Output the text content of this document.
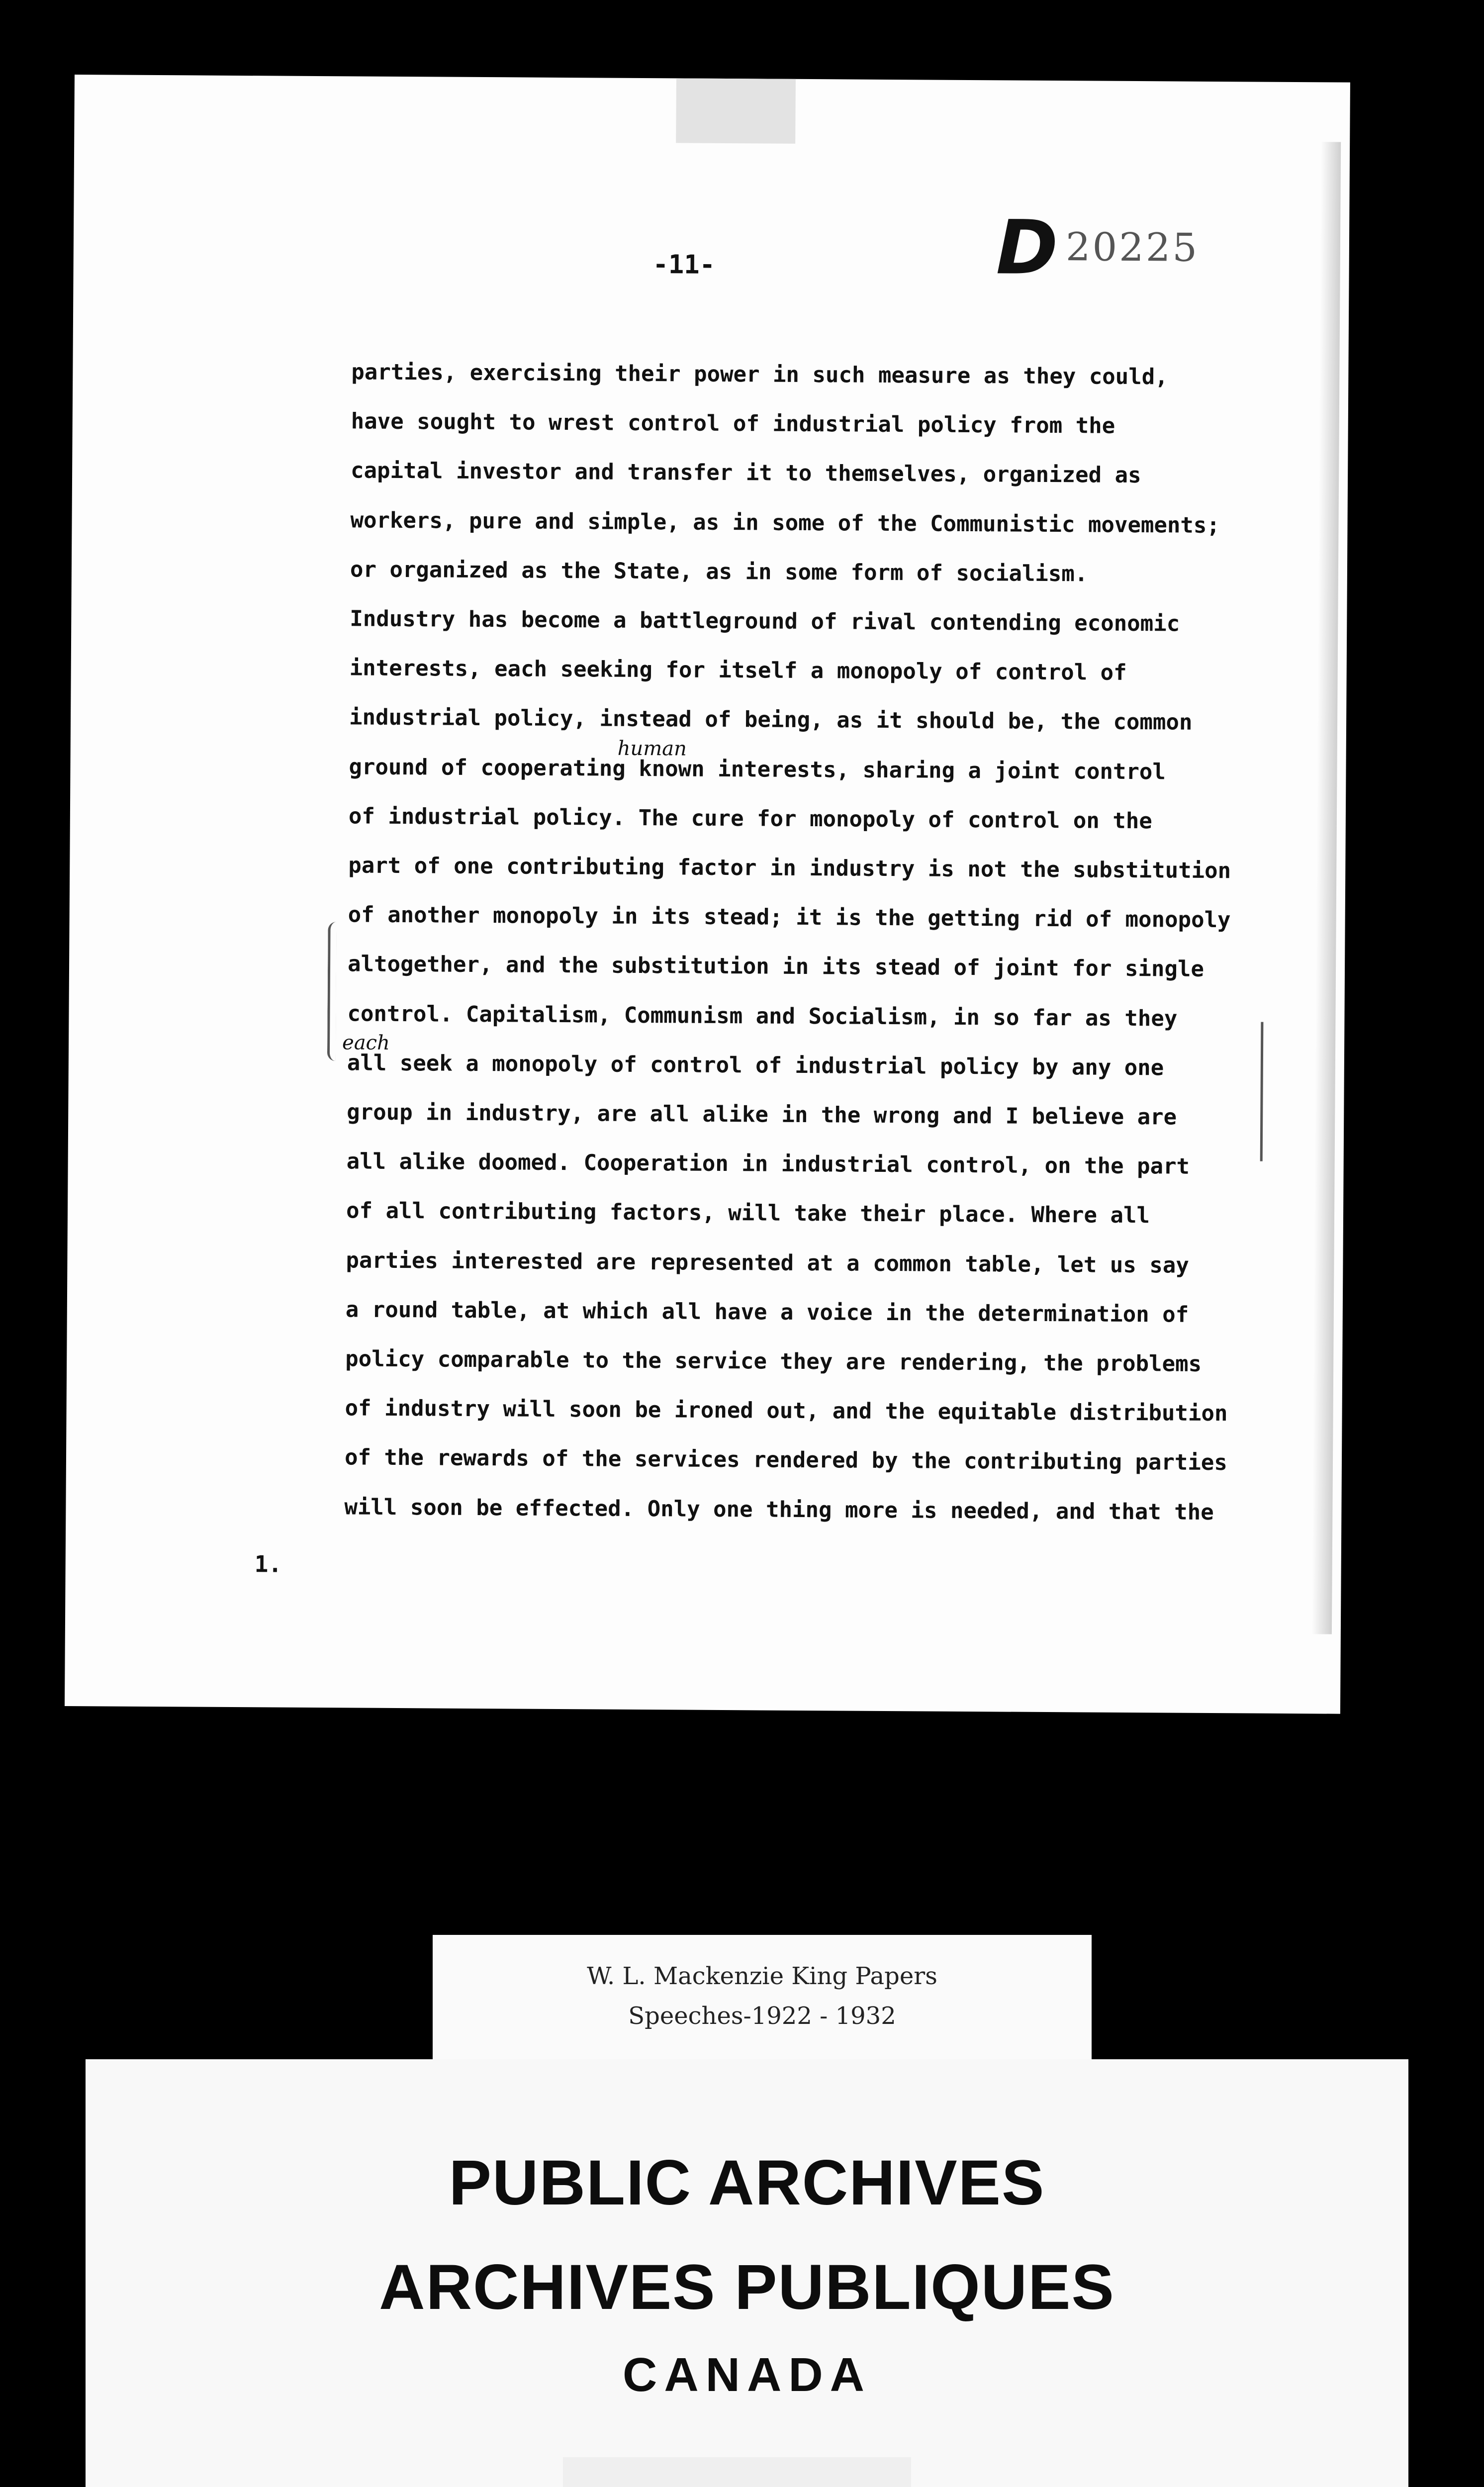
-11-	D 20225
parties, exercising their power in such measure as they could,
have sought to wrest control of industrial policy from the
capital investor and transfer it to themselves, organized as
workers, pure and simple, as in some of the Communistic movements;
or organized as the State, as in some form of socialism.
Industry has become a battleground of rival contending economic
interests, each seeking for itself a monopoly of control of
industrial policy, instead of being, as it should be, the common
human
ground of cooperating known interests, sharing a joint control
of industrial policy. The cure for monopoly of control on the
part of one contributing factor in industry is not the substitution
of another monopoly in its stead; it is the getting rid of monopoly
altogether, and the substitution in its stead of joint for single
control. Capitalism, Communism and Socialism, in so far as they
each
all seek a monopoly of control of industrial policy by any one
group in industry, are all alike in the wrong and I believe are
all alike doomed. Cooperation in industrial control, on the part
of all contributing factors, will take their place. Where all
parties interested are represented at a common table, let us say
a round table, at which all have a voice in the determination of
policy comparable to the service they are rendering, the problems
of industry will soon be ironed out, and the equitable distribution
of the rewards of the services rendered by the contributing parties
will soon be effected. Only one thing more is needed, and that the
1.
W. L. Mackenzie King Papers
Speeches-1922 - 1932
PUBLIC ARCHIVES
ARCHIVES PUBLIQUES
CANADA
